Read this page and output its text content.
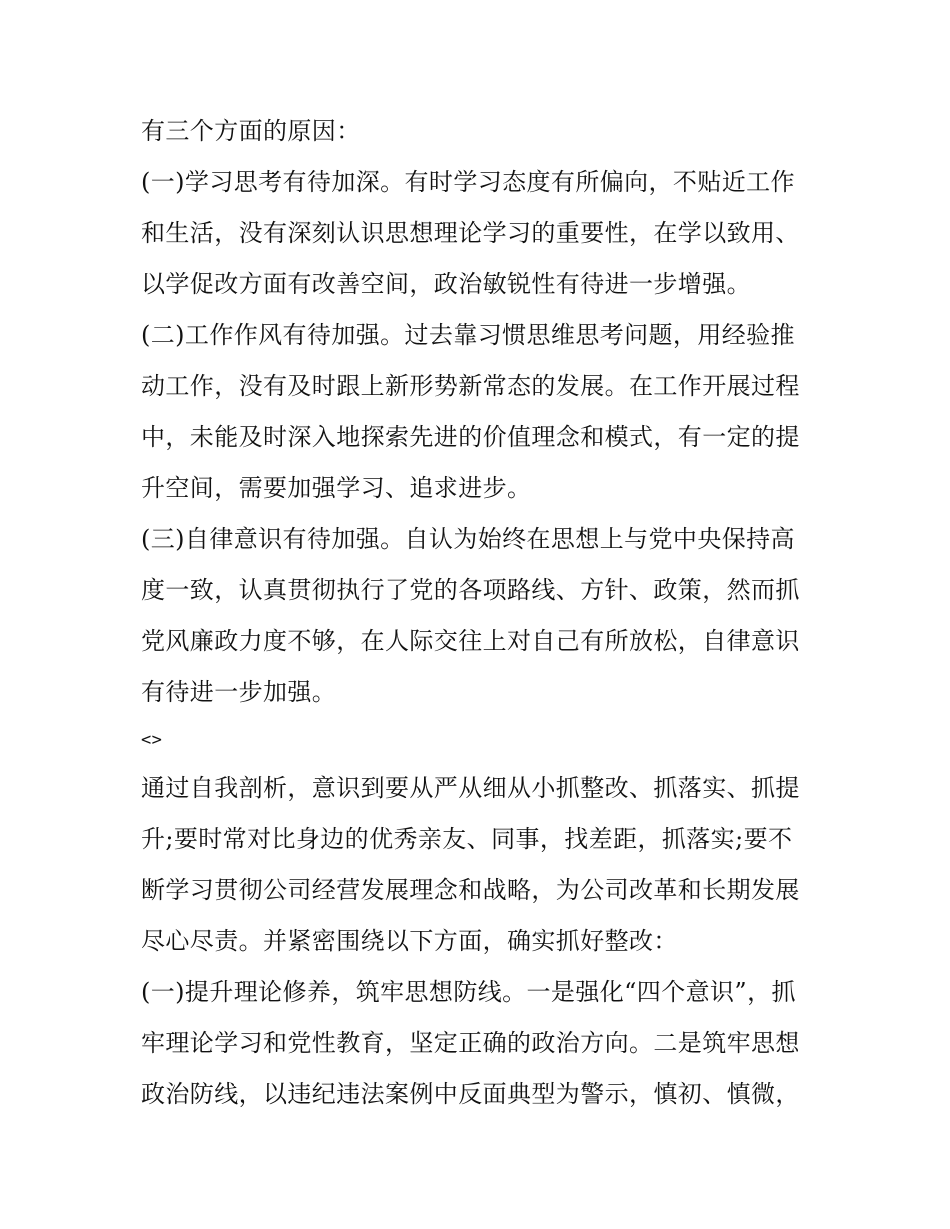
有三个方面的原因：
(一)学习思考有待加深。有时学习态度有所偏向，不贴近工作
和生活，没有深刻认识思想理论学习的重要性，在学以致用、
以学促改方面有改善空间，政治敏锐性有待进一步增强。
(二)工作作风有待加强。过去靠习惯思维思考问题，用经验推
动工作，没有及时跟上新形势新常态的发展。在工作开展过程
中，未能及时深入地探索先进的价值理念和模式，有一定的提
升空间，需要加强学习、追求进步。
(三)自律意识有待加强。自认为始终在思想上与党中央保持高
度一致，认真贯彻执行了党的各项路线、方针、政策，然而抓
党风廉政力度不够，在人际交往上对自己有所放松，自律意识
有待进一步加强。
<>
通过自我剖析，意识到要从严从细从小抓整改、抓落实、抓提
升;要时常对比身边的优秀亲友、同事，找差距，抓落实;要不
断学习贯彻公司经营发展理念和战略，为公司改革和长期发展
尽心尽责。并紧密围绕以下方面，确实抓好整改：
(一)提升理论修养，筑牢思想防线。一是强化“四个意识”，抓
牢理论学习和党性教育，坚定正确的政治方向。二是筑牢思想
政治防线，以违纪违法案例中反面典型为警示，慎初、慎微，
